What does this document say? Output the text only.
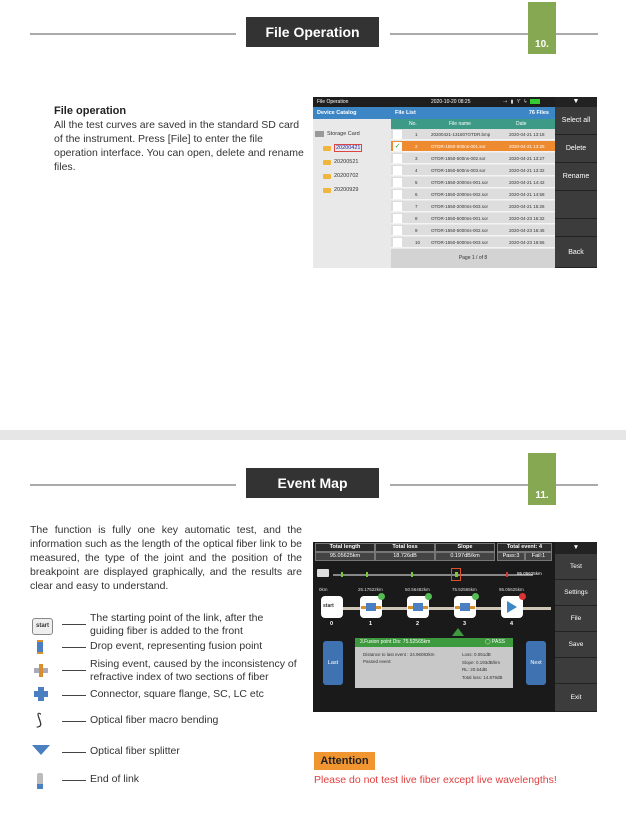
File Operation
10.
File operation
All the test curves are saved in the standard SD card of the instrument. Press [File] to enter the file operation interface. You can open, delete and rename files.
File Operation	2020-10-20 08:25	⇢ ▮ ϒ ϟ
Device Catalog
Storage Card
20200421
20200521
20200702
20200929
File List	76 Files
No.	File name	Date
1	20200421-131807OTDR.bmp	2020-04-21 13:18
✓	2	OTDR-1550-500ns-001.sor	2020-04-21 13:25
3	OTDR-1550-500ns-002.sor	2020-04-21 13:27
4	OTDR-1550-500ns-003.sor	2020-04-21 13:32
5	OTDR-1550-2000ns-001.sor	2020-04-21 14:42
6	OTDR-1550-2000ns-002.sor	2020-04-21 14:58
7	OTDR-1550-2000ns-003.sor	2020-04-21 15:26
8	OTDR-1550-5000ns-001.sor	2020-04-23 16:32
9	OTDR-1550-5000ns-002.sor	2020-04-23 16:45
10 OTDR-1550-5000ns-003.sor	2020-04-23 16:56
Page 1 / of 8
▼
Select all
Delete
Rename
Back
Event Map
11.
The function is fully one key automatic test, and the information such as the length of the optical fiber link to be measured, the type of the joint and the position of the breakpoint are displayed graphically, and the results are clear and easy to understand.
Total length	Total loss	Slope	Total event: 4
95.05625km	18.726dB	0.197dB/km	Pass:3	Fail:1
95.05625km
0km
start
0
25.17522km
1
50.56482km
2
75.52565km
3
95.05625km
4
Last
3.Fusion point Dis: 75.52565km	◯ PASS
Distance to last event : 24.96083km
Passed event:
Loss: 0.051dB
Slope: 0.193dB/km
RL: 20.54dB
Total loss: 14.879dB
Next
▼
Test
Settings
File
Save
Exit
start
The starting point of the link, after the guiding fiber is added to the front
Drop event, representing fusion point
Rising event, caused by the inconsistency of refractive index of two sections of fiber
Connector, square flange, SC, LC etc
⟆	Optical fiber macro bending
Optical fiber splitter
End of link
Attention
Please do not test live fiber except live wavelengths!
